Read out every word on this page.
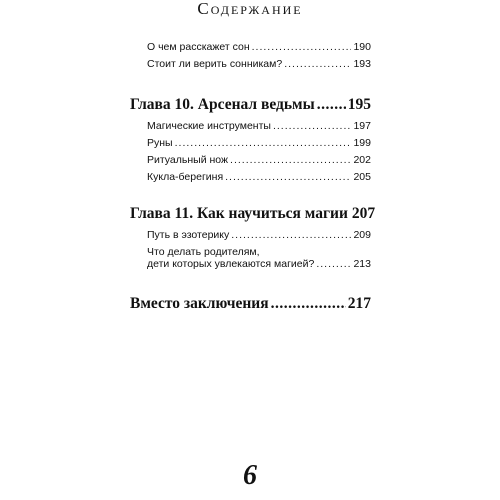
Содержание
О чем расскажет сон .....	190
Стоит ли верить сонникам? .....	193
Глава 10. Арсенал ведьмы ..... 195
Магические инструменты .....	197
Руны .....	199
Ритуальный нож .....	202
Кукла-берегиня .....	205
Глава 11. Как научиться магии 207
Путь в эзотерику .....	209
Что делать родителям,
дети которых увлекаются магией? .....	213
Вместо заключения .....	217
6
